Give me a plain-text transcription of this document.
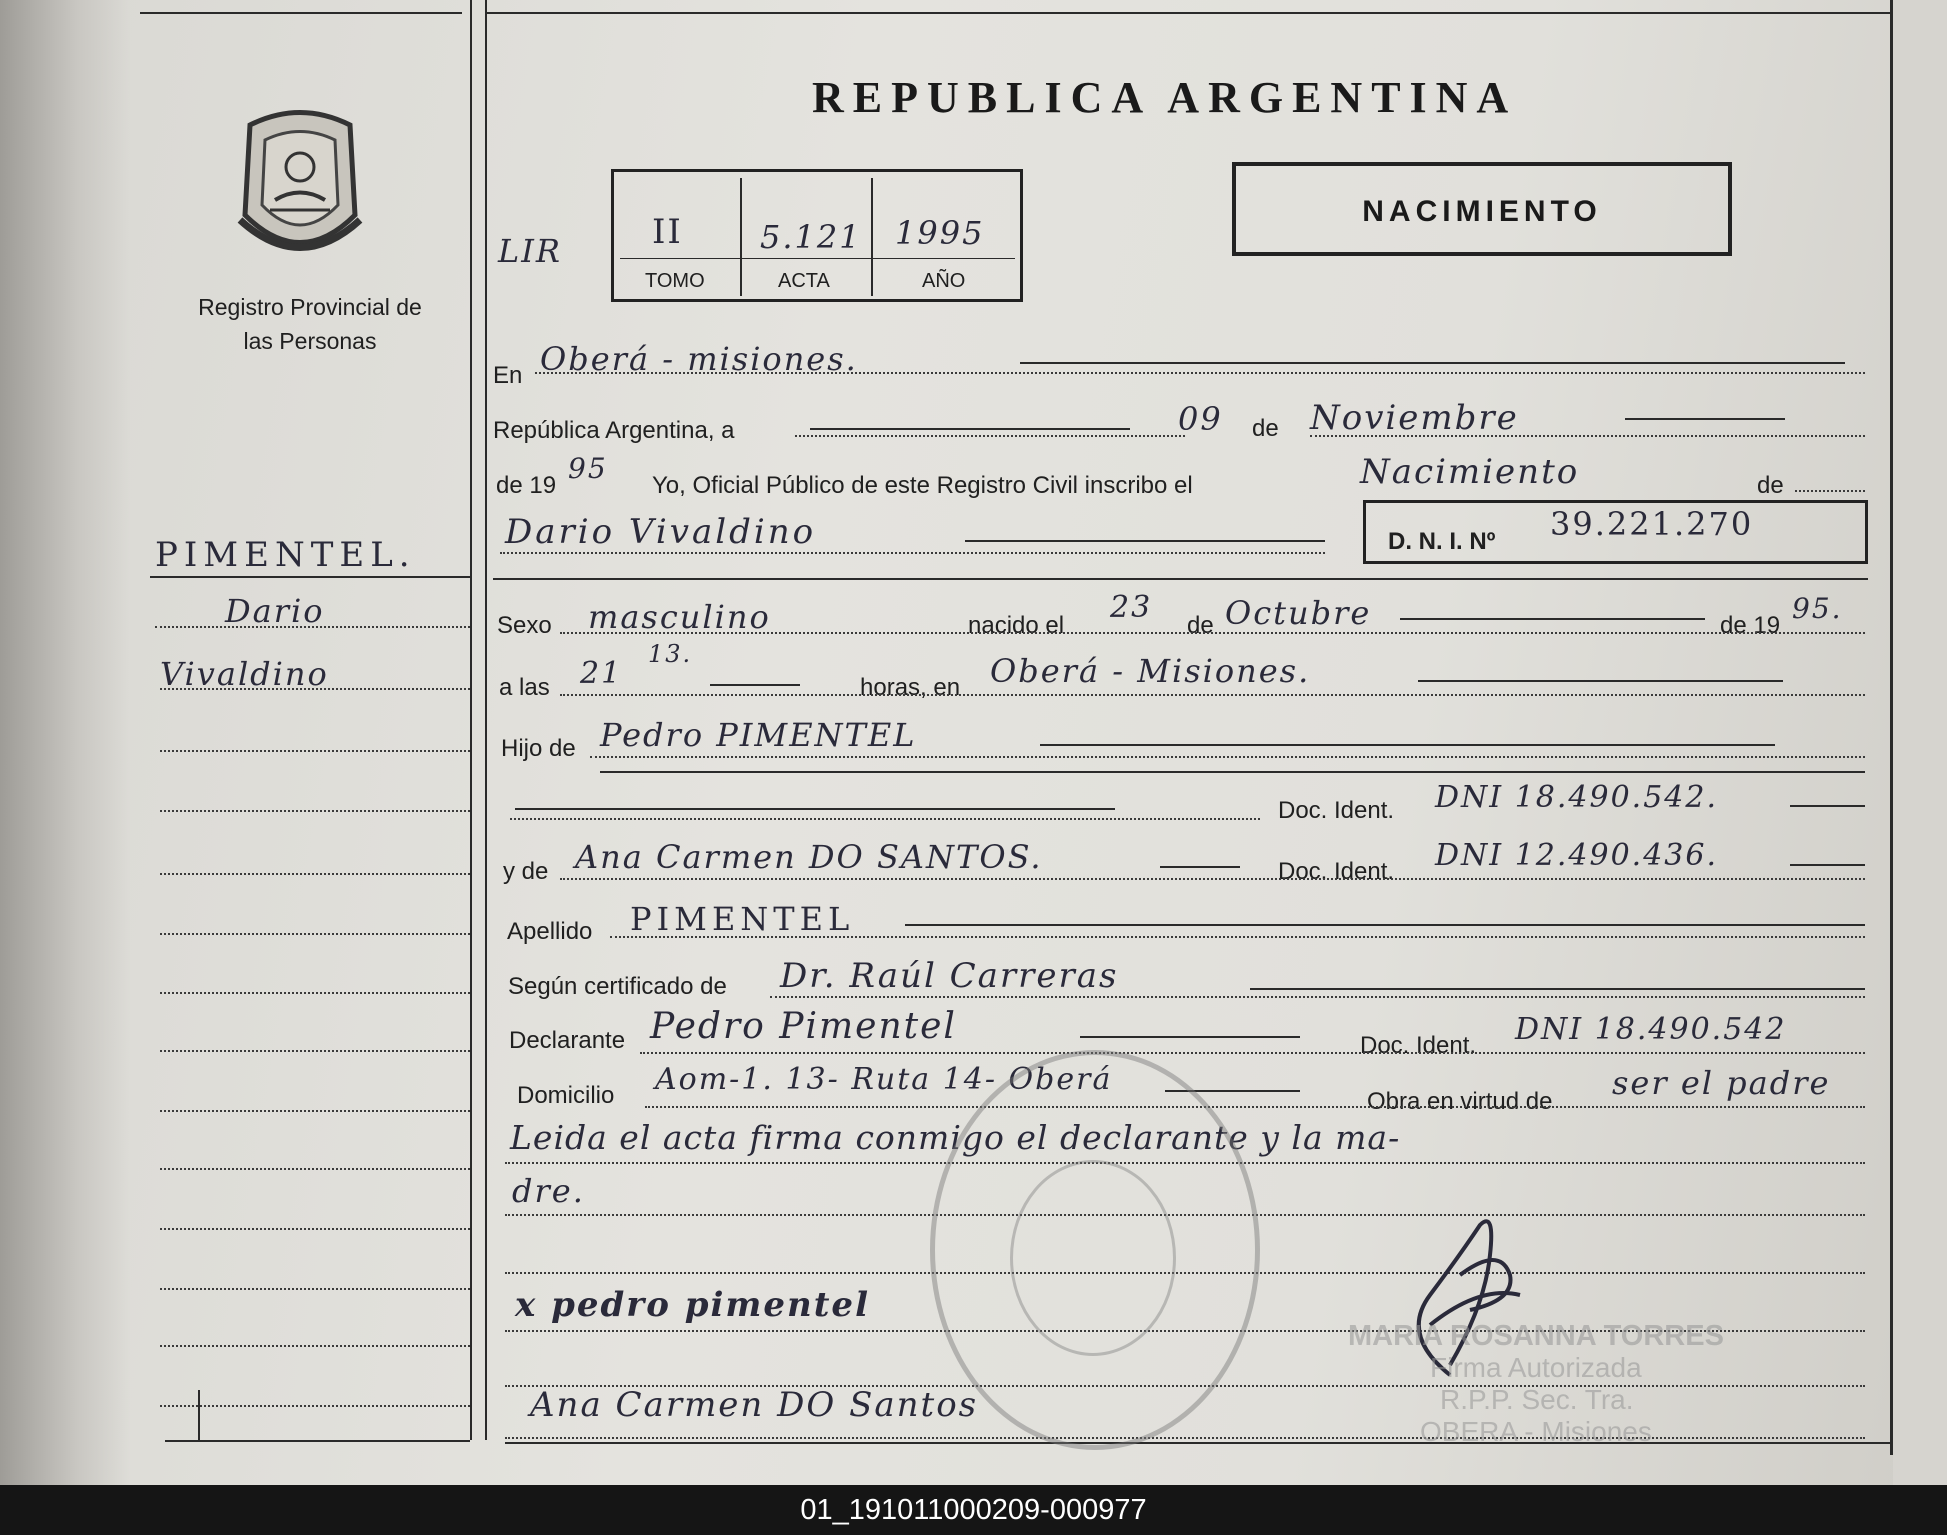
Registro Provincial de las Personas
REPUBLICA ARGENTINA
NACIMIENTO
LIR	II 5.121 1995
TOMO	ACTA	AÑO
PIMENTEL.
Dario
Vivaldino
En Oberá - misiones.
República Argentina, a	09 de Noviembre
de 19
95
Yo, Oficial Público de este Registro Civil inscribo el	Nacimiento	de
Dario Vivaldino	D. N. I. Nº 39.221.270
Sexo masculino	nacido el
23
de Octubre	de 19
95.
a las 21
13.
horas, en Oberá - Misiones.
Hijo de Pedro PIMENTEL
Doc. Ident. DNI 18.490.542.
y de Ana Carmen DO SANTOS.	Doc. Ident. DNI 12.490.436.
Apellido PIMENTEL
Según certificado de Dr. Raúl Carreras
Declarante Pedro Pimentel	Doc. Ident. DNI 18.490.542
Domicilio Aom-1. 13- Ruta 14- Oberá
Obra en virtud de ser el padre
Leida el acta firma conmigo el declarante y la ma-
dre.
x pedro pimentel
Ana Carmen DO Santos
MARIA ROSANNA TORRES
Firma Autorizada
R.P.P. Sec. Tra.
OBERA - Misiones
01_191011000209-000977
